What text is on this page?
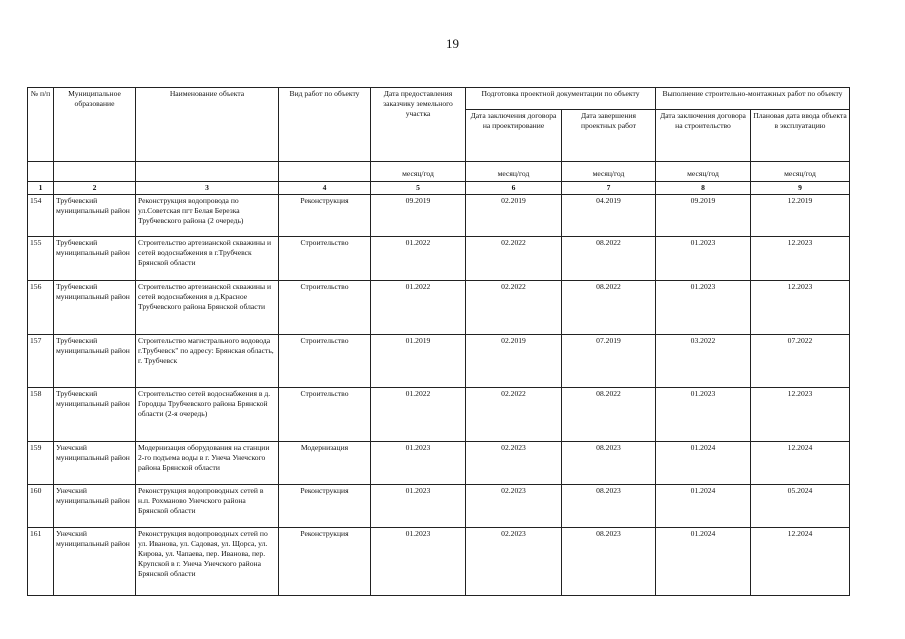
19
№ п/п	Муниципальное образование	Наименование объекта	Вид работ по объекту	Дата предоставления заказчику земельного участка	Подготовка проектной документации по объекту		Выполнение строительно-монтажных работ по объекту	
					Дата заключения договора на проектирование	Дата завершения проектных работ	Дата заключения договора на строительство	Плановая дата ввода объекта в эксплуатацию
				месяц/год	месяц/год	месяц/год	месяц/год	месяц/год
1	2	3	4	5	6	7	8	9
154	Трубчевский муниципальный район	Реконструкция водопровода по ул.Советская пгт Белая Березка Трубчевского района (2 очередь)	Реконструкция	09.2019	02.2019	04.2019	09.2019	12.2019
155	Трубчевский муниципальный район	Строительство артезианской скважины и сетей водоснабжения в г.Трубчевск Брянской области	Строительство	01.2022	02.2022	08.2022	01.2023	12.2023
156	Трубчевский муниципальный район	Строительство артезианской скважины и сетей водоснабжения в д.Красное Трубчевского района Брянской области	Строительство	01.2022	02.2022	08.2022	01.2023	12.2023
157	Трубчевский муниципальный район	Строительство магистрального водовода г.Трубчевск" по адресу: Брянская область, г. Трубчевск	Строительство	01.2019	02.2019	07.2019	03.2022	07.2022
158	Трубчевский муниципальный район	Строительство сетей водоснабжения в д. Городцы Трубчевского района Брянской области (2-я очередь)	Строительство	01.2022	02.2022	08.2022	01.2023	12.2023
159	Унечский муниципальный район	Модернизация оборудования на станции 2-го подъема воды в г. Унеча Унечского района Брянской области	Модернизация	01.2023	02.2023	08.2023	01.2024	12.2024
160	Унечский муниципальный район	Реконструкция водопроводных сетей в н.п. Рохманово Унечского района Брянской области	Реконструкция	01.2023	02.2023	08.2023	01.2024	05.2024
161	Унечский муниципальный район	Реконструкция водопроводных сетей по ул. Иванова, ул. Садовая, ул. Щорса, ул. Кирова, ул. Чапаева, пер. Иванова, пер. Крупской в г. Унеча Унечского района Брянской области	Реконструкция	01.2023	02.2023	08.2023	01.2024	12.2024
